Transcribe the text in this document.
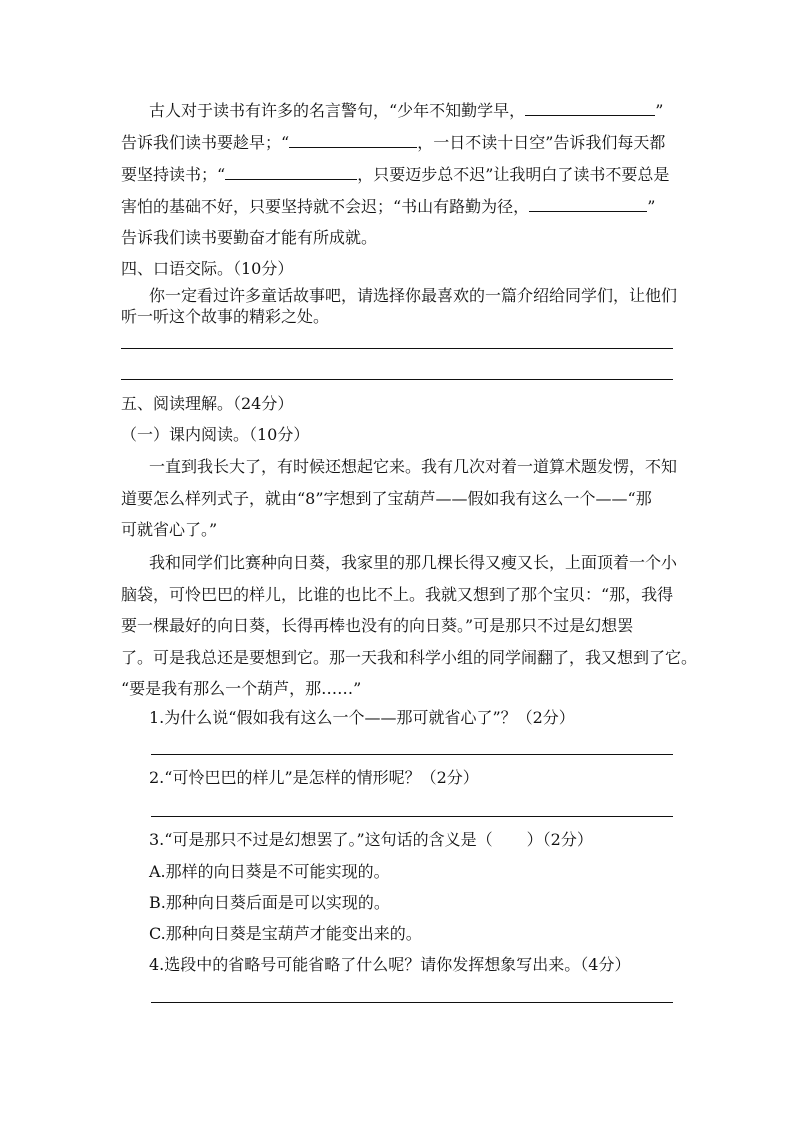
古人对于读书有许多的名言警句，“少年不知勤学早，	”
告诉我们读书要趁早；“	，一日不读十日空”告诉我们每天都
要坚持读书；“	，只要迈步总不迟”让我明白了读书不要总是
害怕的基础不好，只要坚持就不会迟；“书山有路勤为径，	”
告诉我们读书要勤奋才能有所成就。
四、口语交际。（10分）
你一定看过许多童话故事吧，请选择你最喜欢的一篇介绍给同学们，让他们
听一听这个故事的精彩之处。
五、阅读理解。（24分）
（一）课内阅读。（10分）
一直到我长大了，有时候还想起它来。我有几次对着一道算术题发愣，不知
道要怎么样列式子，就由“8”字想到了宝葫芦——假如我有这么一个——“那
可就省心了。”
我和同学们比赛种向日葵，我家里的那几棵长得又瘦又长，上面顶着一个小
脑袋，可怜巴巴的样儿，比谁的也比不上。我就又想到了那个宝贝：“那，我得
要一棵最好的向日葵，长得再棒也没有的向日葵。”可是那只不过是幻想罢
了。可是我总还是要想到它。那一天我和科学小组的同学闹翻了，我又想到了它。
“要是我有那么一个葫芦，那……”
1.为什么说“假如我有这么一个——那可就省心了”？（2分）
2.“可怜巴巴的样儿”是怎样的情形呢？（2分）
3.“可是那只不过是幻想罢了。”这句话的含义是（ ）（2分）
A.那样的向日葵是不可能实现的。
B.那种向日葵后面是可以实现的。
C.那种向日葵是宝葫芦才能变出来的。
4.选段中的省略号可能省略了什么呢？请你发挥想象写出来。（4分）
